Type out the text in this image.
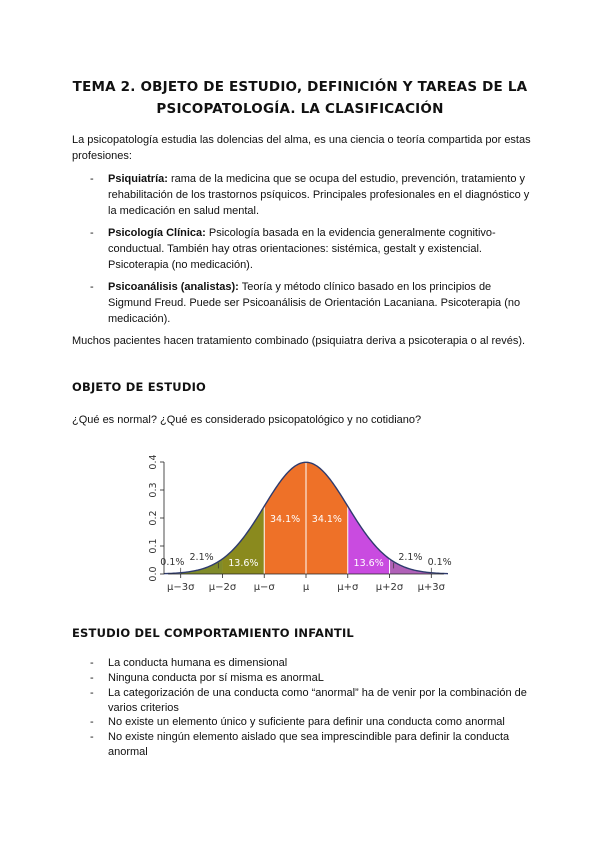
TEMA 2. OBJETO DE ESTUDIO, DEFINICIÓN Y TAREAS DE LA
PSICOPATOLOGÍA. LA CLASIFICACIÓN
La psicopatología estudia las dolencias del alma, es una ciencia o teoría compartida por estas profesiones:
- Psiquiatría: rama de la medicina que se ocupa del estudio, prevención, tratamiento y rehabilitación de los trastornos psíquicos. Principales profesionales en el diagnóstico y la medicación en salud mental.
- Psicología Clínica: Psicología basada en la evidencia generalmente cognitivo-conductual. También hay otras orientaciones: sistémica, gestalt y existencial. Psicoterapia (no medicación).
- Psicoanálisis (analistas): Teoría y método clínico basado en los principios de Sigmund Freud. Puede ser Psicoanálisis de Orientación Lacaniana. Psicoterapia (no medicación).
Muchos pacientes hacen tratamiento combinado (psiquiatra deriva a psicoterapia o al revés).
OBJETO DE ESTUDIO
¿Qué es normal? ¿Qué es considerado psicopatológico y no cotidiano?
0.0
0.1
0.2
0.3
0.4
μ−3σ μ−2σ μ−σ	μ	μ+σ μ+2σ μ+3σ
2.1%
13.6%
34.1% 34.1%
13.6%
2.1%
0.1%	0.1%
ESTUDIO DEL COMPORTAMIENTO INFANTIL
- La conducta humana es dimensional
- Ninguna conducta por sí misma es anormaL
- La categorización de una conducta como “anormal” ha de venir por la combinación de varios criterios
- No existe un elemento único y suficiente para definir una conducta como anormal
- No existe ningún elemento aislado que sea imprescindible para definir la conducta anormal
